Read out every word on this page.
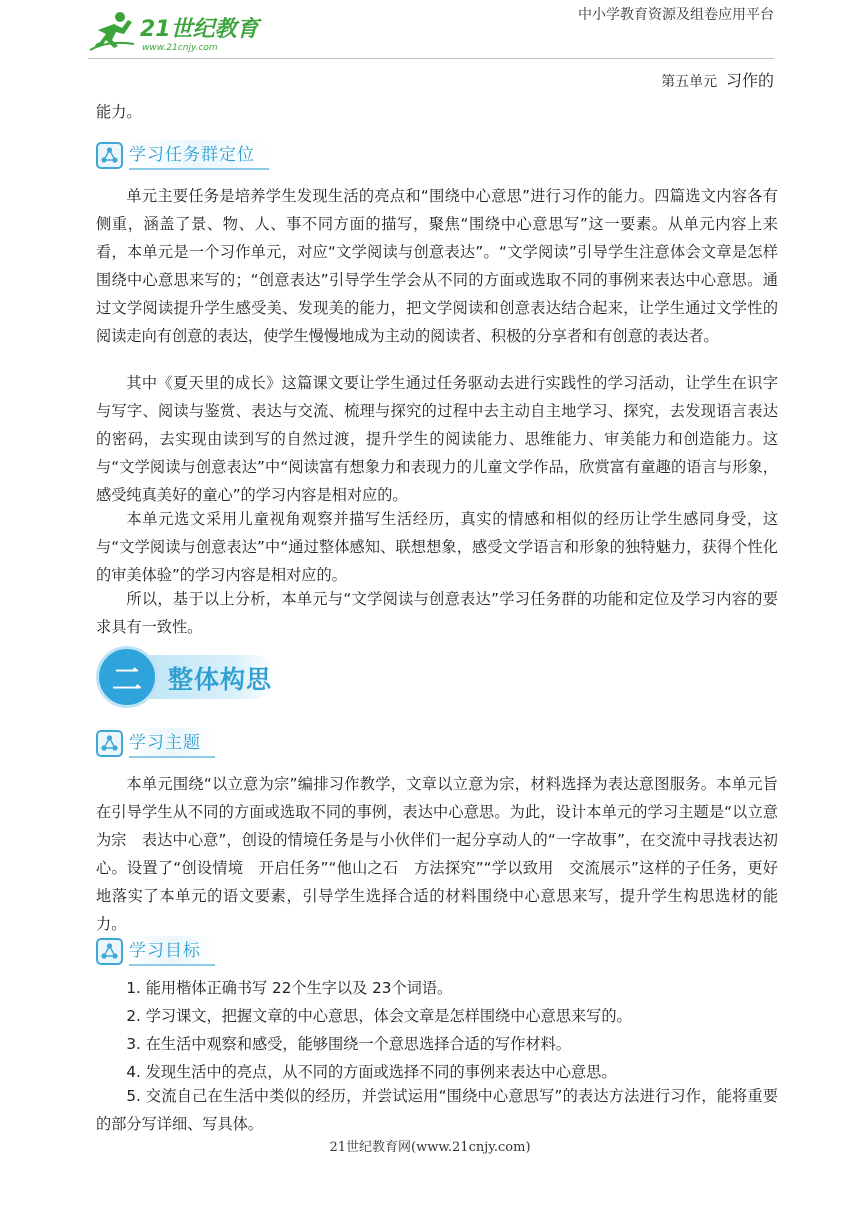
21世纪教育
www.21cnjy.com
中小学教育资源及组卷应用平台
第五单元 习作的

能力。

学习任务群定位

单元主要任务是培养学生发现生活的亮点和“围绕中心意思”进行习作的能力。四篇选文内容各有侧重，涵盖了景、物、人、事不同方面的描写，聚焦“围绕中心意思写”这一要素。从单元内容上来看，本单元是一个习作单元，对应“文学阅读与创意表达”。“文学阅读”引导学生注意体会文章是怎样围绕中心意思来写的；“创意表达”引导学生学会从不同的方面或选取不同的事例来表达中心意思。通过文学阅读提升学生感受美、发现美的能力，把文学阅读和创意表达结合起来，让学生通过文学性的阅读走向有创意的表达，使学生慢慢地成为主动的阅读者、积极的分享者和有创意的表达者。

其中《夏天里的成长》这篇课文要让学生通过任务驱动去进行实践性的学习活动，让学生在识字与写字、阅读与鉴赏、表达与交流、梳理与探究的过程中去主动自主地学习、探究，去发现语言表达的密码，去实现由读到写的自然过渡，提升学生的阅读能力、思维能力、审美能力和创造能力。这与“文学阅读与创意表达”中“阅读富有想象力和表现力的儿童文学作品，欣赏富有童趣的语言与形象，感受纯真美好的童心”的学习内容是相对应的。

本单元选文采用儿童视角观察并描写生活经历，真实的情感和相似的经历让学生感同身受，这与“文学阅读与创意表达”中“通过整体感知、联想想象，感受文学语言和形象的独特魅力，获得个性化的审美体验”的学习内容是相对应的。

所以，基于以上分析，本单元与“文学阅读与创意表达”学习任务群的功能和定位及学习内容的要求具有一致性。

二	整体构思
学习主题

本单元围绕“以立意为宗”编排习作教学，文章以立意为宗，材料选择为表达意图服务。本单元旨在引导学生从不同的方面或选取不同的事例，表达中心意思。为此，设计本单元的学习主题是“以立意为宗　表达中心意”，创设的情境任务是与小伙伴们一起分享动人的“一字故事”，在交流中寻找表达初心。设置了“创设情境　开启任务”“他山之石　方法探究”“学以致用　交流展示”这样的子任务，更好地落实了本单元的语文要素，引导学生选择合适的材料围绕中心意思来写，提升学生构思选材的能力。

学习目标

1. 能用楷体正确书写 22个生字以及 23个词语。

2. 学习课文，把握文章的中心意思，体会文章是怎样围绕中心意思来写的。

3. 在生活中观察和感受，能够围绕一个意思选择合适的写作材料。

4. 发现生活中的亮点，从不同的方面或选择不同的事例来表达中心意思。

5. 交流自己在生活中类似的经历，并尝试运用“围绕中心意思写”的表达方法进行习作，能将重要的部分写详细、写具体。

21世纪教育网(www.21cnjy.com)
